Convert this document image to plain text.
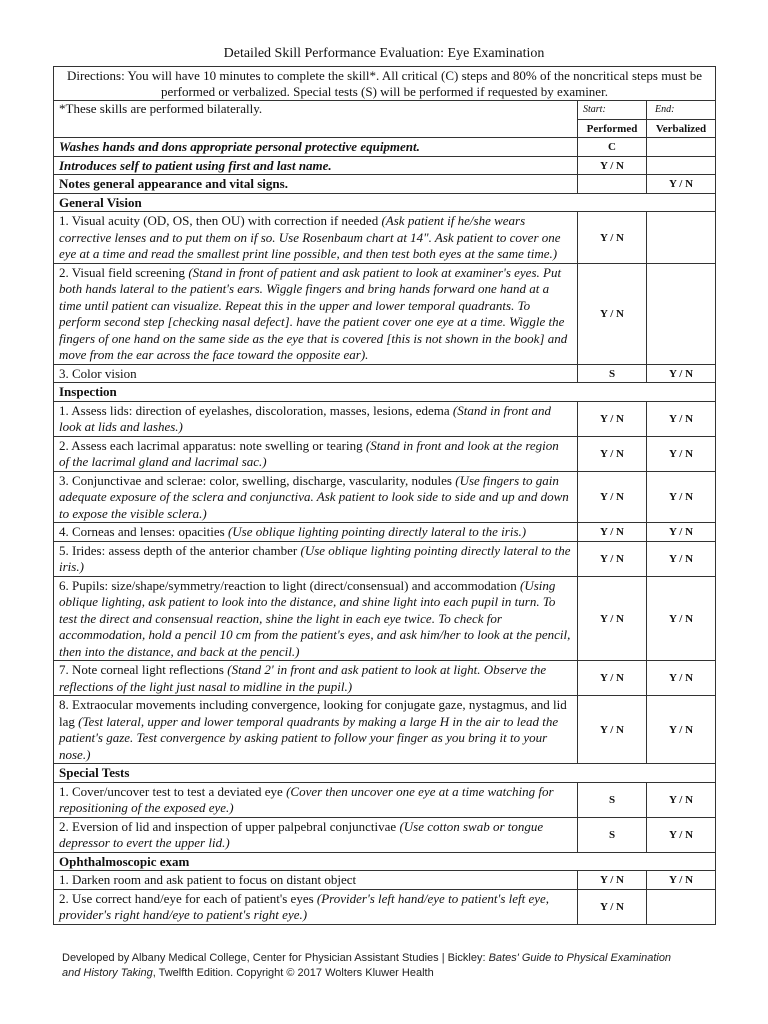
Detailed Skill Performance Evaluation: Eye Examination
Directions: You will have 10 minutes to complete the skill*. All critical (C) steps and 80% of the noncritical steps must be performed or verbalized. Special tests (S) will be performed if requested by examiner.		
*These skills are performed bilaterally.	Start:	End:
	Performed	Verbalized
Washes hands and dons appropriate personal protective equipment.	C	
Introduces self to patient using first and last name.	Y / N	
Notes general appearance and vital signs.		Y / N
General Vision		
1. Visual acuity (OD, OS, then OU) with correction if needed (Ask patient if he/she wears corrective lenses and to put them on if so. Use Rosenbaum chart at 14". Ask patient to cover one eye at a time and read the smallest print line possible, and then test both eyes at the same time.)	Y / N	
2. Visual field screening (Stand in front of patient and ask patient to look at examiner's eyes. Put both hands lateral to the patient's ears. Wiggle fingers and bring hands forward one hand at a time until patient can visualize. Repeat this in the upper and lower temporal quadrants. To perform second step [checking nasal defect]. have the patient cover one eye at a time. Wiggle the fingers of one hand on the same side as the eye that is covered [this is not shown in the book] and move from the ear across the face toward the opposite ear).	Y / N	
3. Color vision	S	Y / N
Inspection		
1. Assess lids: direction of eyelashes, discoloration, masses, lesions, edema (Stand in front and look at lids and lashes.)	Y / N	Y / N
2. Assess each lacrimal apparatus: note swelling or tearing (Stand in front and look at the region of the lacrimal gland and lacrimal sac.)	Y / N	Y / N
3. Conjunctivae and sclerae: color, swelling, discharge, vascularity, nodules (Use fingers to gain adequate exposure of the sclera and conjunctiva. Ask patient to look side to side and up and down to expose the visible sclera.)	Y / N	Y / N
4. Corneas and lenses: opacities (Use oblique lighting pointing directly lateral to the iris.)	Y / N	Y / N
5. Irides: assess depth of the anterior chamber (Use oblique lighting pointing directly lateral to the iris.)	Y / N	Y / N
6. Pupils: size/shape/symmetry/reaction to light (direct/consensual) and accommodation (Using oblique lighting, ask patient to look into the distance, and shine light into each pupil in turn. To test the direct and consensual reaction, shine the light in each eye twice. To check for accommodation, hold a pencil 10 cm from the patient's eyes, and ask him/her to look at the pencil, then into the distance, and back at the pencil.)	Y / N	Y / N
7. Note corneal light reflections (Stand 2' in front and ask patient to look at light. Observe the reflections of the light just nasal to midline in the pupil.)	Y / N	Y / N
8. Extraocular movements including convergence, looking for conjugate gaze, nystagmus, and lid lag (Test lateral, upper and lower temporal quadrants by making a large H in the air to lead the patient's gaze. Test convergence by asking patient to follow your finger as you bring it to your nose.)	Y / N	Y / N
Special Tests		
1. Cover/uncover test to test a deviated eye (Cover then uncover one eye at a time watching for repositioning of the exposed eye.)	S	Y / N
2. Eversion of lid and inspection of upper palpebral conjunctivae (Use cotton swab or tongue depressor to evert the upper lid.)	S	Y / N
Ophthalmoscopic exam		
1. Darken room and ask patient to focus on distant object	Y / N	Y / N
2. Use correct hand/eye for each of patient's eyes (Provider's left hand/eye to patient's left eye, provider's right hand/eye to patient's right eye.)	Y / N	
Developed by Albany Medical College, Center for Physician Assistant Studies | Bickley: Bates' Guide to Physical Examination
and History Taking, Twelfth Edition. Copyright © 2017 Wolters Kluwer Health
